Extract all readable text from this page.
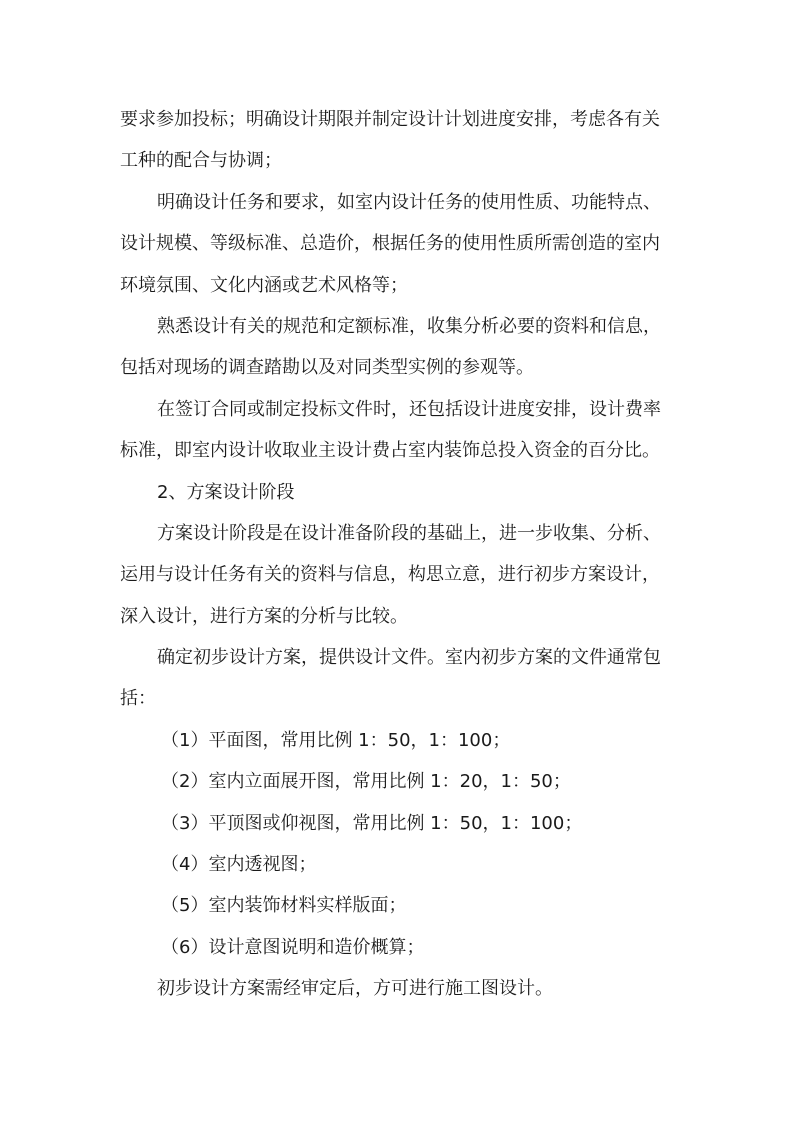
要求参加投标；明确设计期限并制定设计计划进度安排，考虑各有关
工种的配合与协调；
明确设计任务和要求，如室内设计任务的使用性质、功能特点、
设计规模、等级标准、总造价，根据任务的使用性质所需创造的室内
环境氛围、文化内涵或艺术风格等；
熟悉设计有关的规范和定额标准，收集分析必要的资料和信息，
包括对现场的调查踏勘以及对同类型实例的参观等。
在签订合同或制定投标文件时，还包括设计进度安排，设计费率
标准，即室内设计收取业主设计费占室内装饰总投入资金的百分比。
2、方案设计阶段
方案设计阶段是在设计准备阶段的基础上，进一步收集、分析、
运用与设计任务有关的资料与信息，构思立意，进行初步方案设计，
深入设计，进行方案的分析与比较。
确定初步设计方案，提供设计文件。室内初步方案的文件通常包
括：
（1）平面图，常用比例 1：50，1：100；
（2）室内立面展开图，常用比例 1：20，1：50；
（3）平顶图或仰视图，常用比例 1：50，1：100；
（4）室内透视图；
（5）室内装饰材料实样版面；
（6）设计意图说明和造价概算；
初步设计方案需经审定后，方可进行施工图设计。
